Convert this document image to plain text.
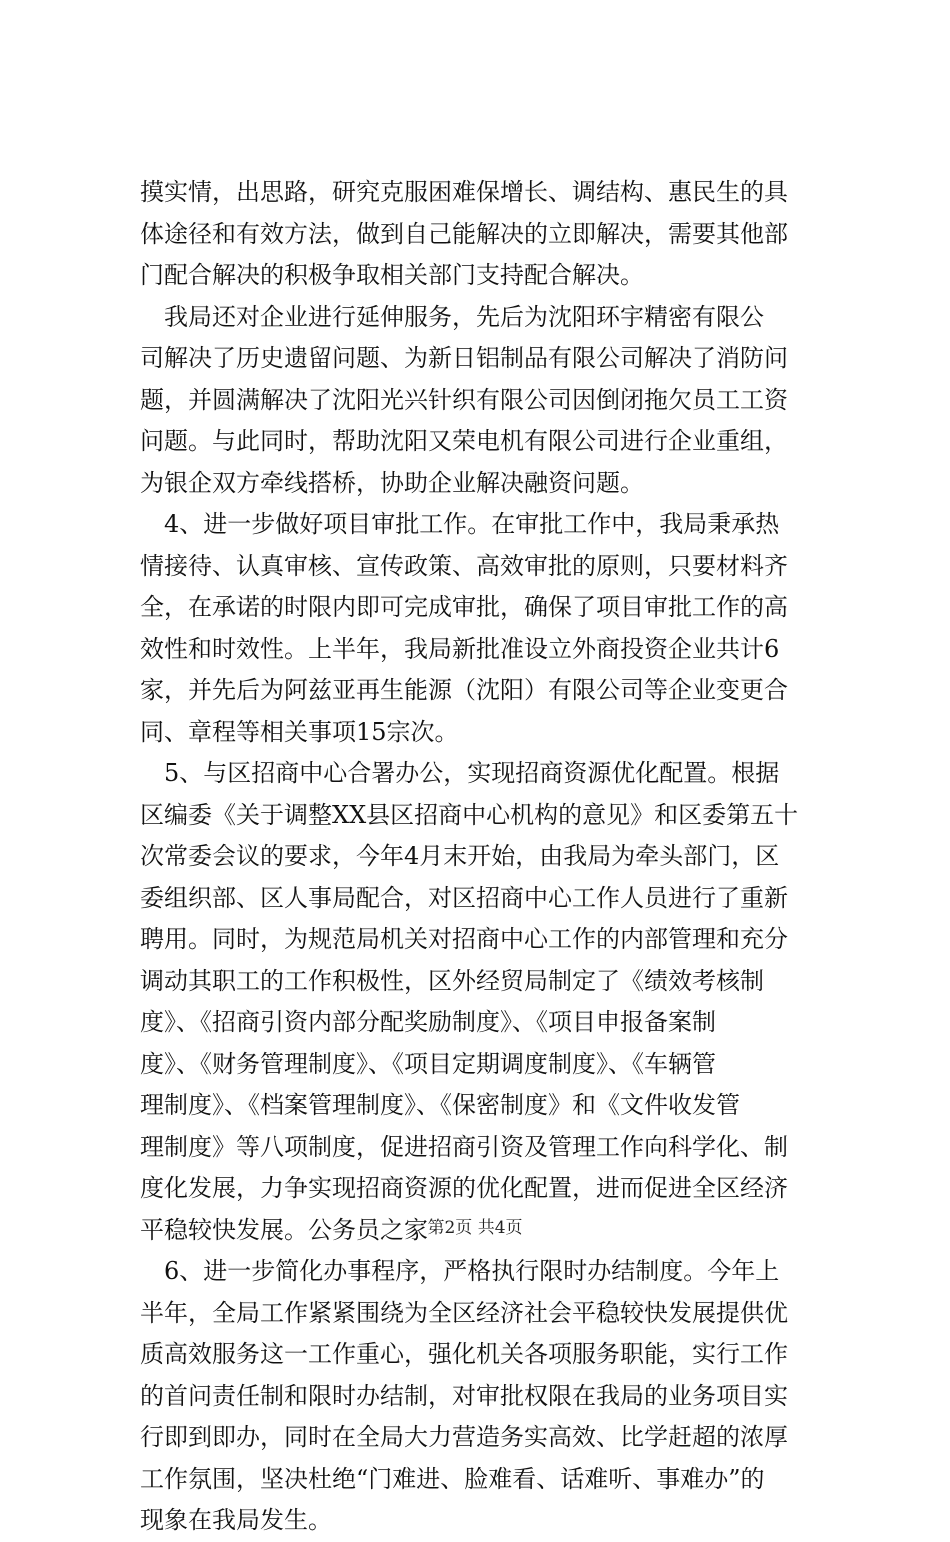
摸实情，出思路，研究克服困难保增长、调结构、惠民生的具
体途径和有效方法，做到自己能解决的立即解决，需要其他部
门配合解决的积极争取相关部门支持配合解决。
　我局还对企业进行延伸服务，先后为沈阳环宇精密有限公
司解决了历史遗留问题、为新日铝制品有限公司解决了消防问
题，并圆满解决了沈阳光兴针织有限公司因倒闭拖欠员工工资
问题。与此同时，帮助沈阳又荣电机有限公司进行企业重组，
为银企双方牵线搭桥，协助企业解决融资问题。
　4、进一步做好项目审批工作。在审批工作中，我局秉承热
情接待、认真审核、宣传政策、高效审批的原则，只要材料齐
全，在承诺的时限内即可完成审批，确保了项目审批工作的高
效性和时效性。上半年，我局新批准设立外商投资企业共计6
家，并先后为阿兹亚再生能源（沈阳）有限公司等企业变更合
同、章程等相关事项15宗次。
　5、与区招商中心合署办公，实现招商资源优化配置。根据
区编委《关于调整XX县区招商中心机构的意见》和区委第五十
次常委会议的要求，今年4月末开始，由我局为牵头部门，区
委组织部、区人事局配合，对区招商中心工作人员进行了重新
聘用。同时，为规范局机关对招商中心工作的内部管理和充分
调动其职工的工作积极性，区外经贸局制定了《绩效考核制
度》、《招商引资内部分配奖励制度》、《项目申报备案制
度》、《财务管理制度》、《项目定期调度制度》、《车辆管
理制度》、《档案管理制度》、《保密制度》和《文件收发管
理制度》等八项制度，促进招商引资及管理工作向科学化、制
度化发展，力争实现招商资源的优化配置，进而促进全区经济
平稳较快发展。公务员之家
　6、进一步简化办事程序，严格执行限时办结制度。今年上
半年，全局工作紧紧围绕为全区经济社会平稳较快发展提供优
质高效服务这一工作重心，强化机关各项服务职能，实行工作
的首问责任制和限时办结制，对审批权限在我局的业务项目实
行即到即办，同时在全局大力营造务实高效、比学赶超的浓厚
工作氛围，坚决杜绝“门难进、脸难看、话难听、事难办”的
现象在我局发生。
第2页 共4页
